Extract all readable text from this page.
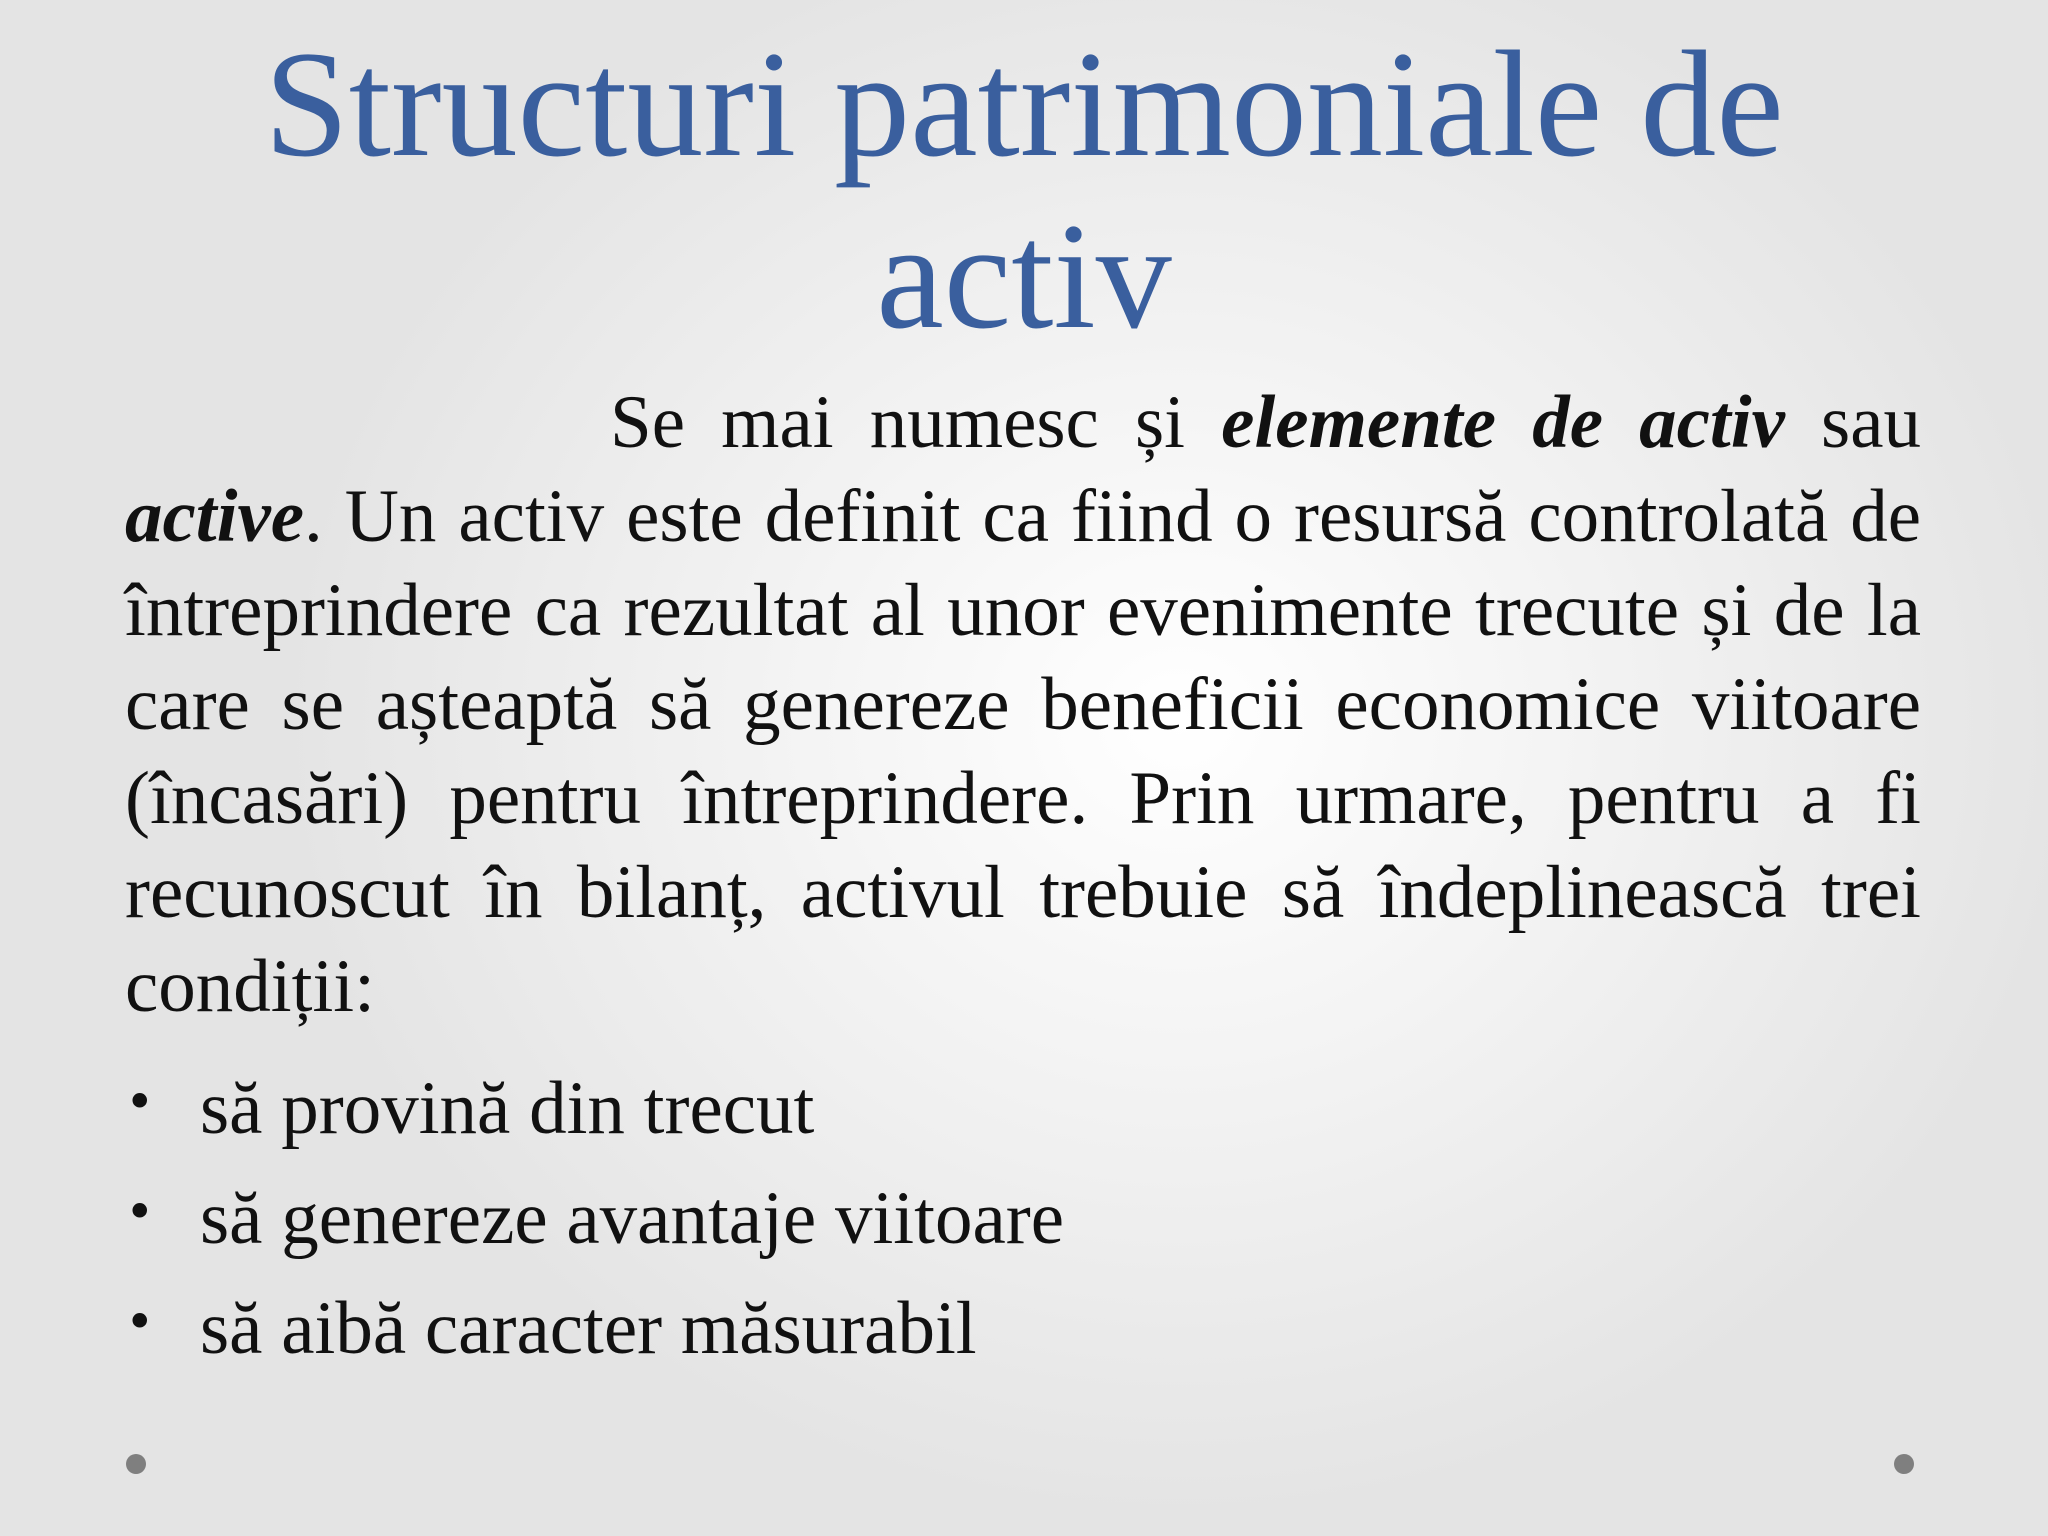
Structuri patrimoniale de activ

Se mai numesc și elemente de activ sau active. Un activ este definit ca fiind o resursă controlată de întreprindere ca rezultat al unor evenimente trecute și de la care se așteaptă să genereze beneficii economice viitoare (încasări) pentru întreprindere. Prin urmare, pentru a fi recunoscut în bilanț, activul trebuie să îndeplinească trei condiții:

• să provină din trecut
• să genereze avantaje viitoare
• să aibă caracter măsurabil
